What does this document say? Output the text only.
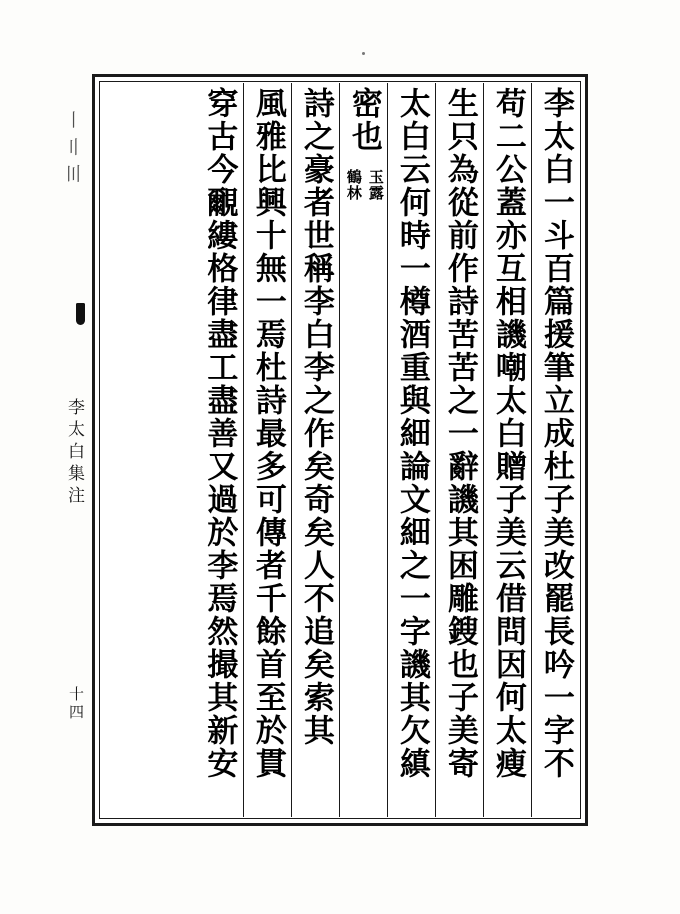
〡〢〣
李太白集注
十四	李太白一斗百篇援筆立成杜子美改罷長吟一字不
苟二公蓋亦互相譏嘲太白贈子美云借問因何太瘦
生只為從前作詩苦苦之一辭譏其困雕鎪也子美寄
太白云何時一樽酒重與細論文細之一字譏其欠縝
密也
鶴林 玉露
詩之豪者世稱李白李之作矣奇矣人不追矣索其
風雅比興十無一焉杜詩最多可傳者千餘首至於貫
穿古今覼縷格律盡工盡善又過於李焉然撮其新安
